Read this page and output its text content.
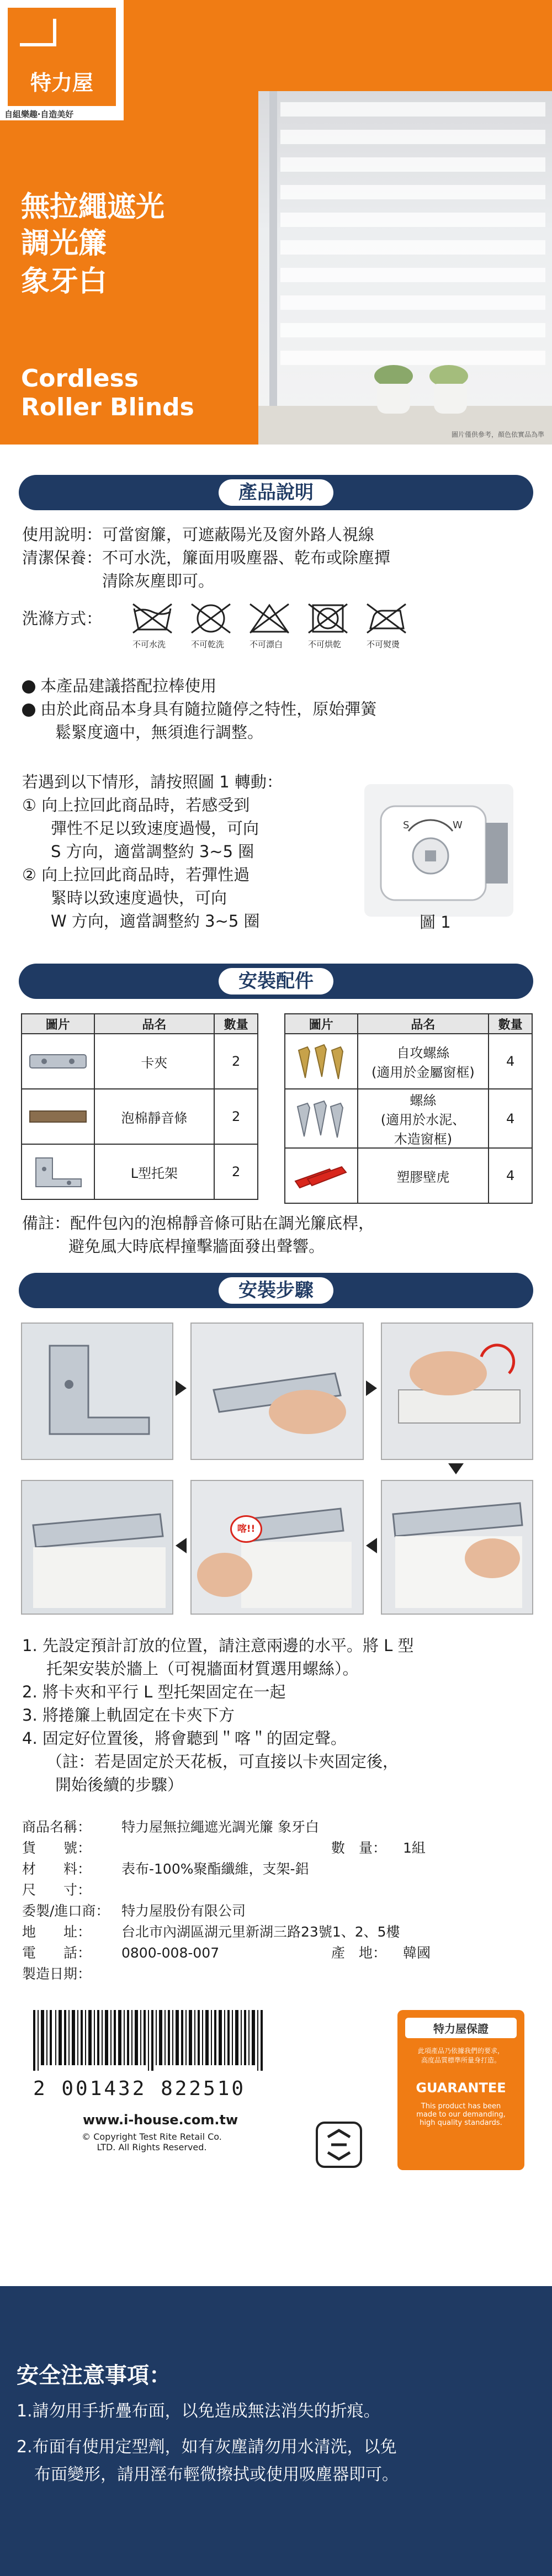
特力屋
自組樂趣‧自造美好
圖片僅供參考，顏色依實品為準
無拉繩遮光
調光簾
象牙白
Cordless
Roller Blinds
產品說明
使用說明：可當窗簾，可遮蔽陽光及窗外路人視線
清潔保養：不可水洗，簾面用吸塵器、乾布或除塵撢
清除灰塵即可。
洗滌方式：
不可水洗	不可乾洗	不可漂白	不可烘乾	不可熨燙
本產品建議搭配拉棒使用
由於此商品本身具有隨拉隨停之特性，原始彈簧
鬆緊度適中，無須進行調整。
若遇到以下情形，請按照圖 1 轉動：
① 向上拉回此商品時，若感受到
彈性不足以致速度過慢，可向
S 方向，適當調整約 3~5 圈
② 向上拉回此商品時，若彈性過
緊時以致速度過快，可向
W 方向，適當調整約 3~5 圈
S	W
圖 1
安裝配件
圖片	品名	數量

	卡夾	2

	泡棉靜音條	2

	L型托架	2
圖片	品名	數量

自攻螺絲
(適用於金屬窗框)	4

螺絲
(適用於水泥、
木造窗框)	4

	塑膠壁虎	4
備註：配件包內的泡棉靜音條可貼在調光簾底桿，
避免風大時底桿撞擊牆面發出聲響。
安裝步驟
喀!!
1. 先設定預計訂放的位置，請注意兩邊的水平。將 L 型
托架安裝於牆上（可視牆面材質選用螺絲）。
2. 將卡夾和平行 L 型托架固定在一起
3. 將捲簾上軌固定在卡夾下方
4. 固定好位置後，將會聽到＂喀＂的固定聲。
（註：若是固定於天花板，可直接以卡夾固定後，
開始後續的步驟）
商品名稱：	特力屋無拉繩遮光調光簾 象牙白		
貨　　號：		數　量：	1組
材　　料：	表布-100%聚酯纖維，支架-鋁		
尺　　寸：			
委製/進口商：	特力屋股份有限公司		
地　　址：	台北市內湖區湖元里新湖三路23號1、2、5樓		
電　　話：	0800-008-007	產　地：	韓國
製造日期：			
2 001432 822510
www.i-house.com.tw
© Copyright Test Rite Retail Co.
LTD. All Rights Reserved.
特力屋保證
此項產品乃依據我們的要求，
高度品質標準所量身打造。
GUARANTEE
This product has been
made to our demanding,
high quality standards.
安全注意事項：
1.請勿用手折疊布面，以免造成無法消失的折痕。
2.布面有使用定型劑，如有灰塵請勿用水清洗，以免
布面變形，請用溼布輕微擦拭或使用吸塵器即可。
